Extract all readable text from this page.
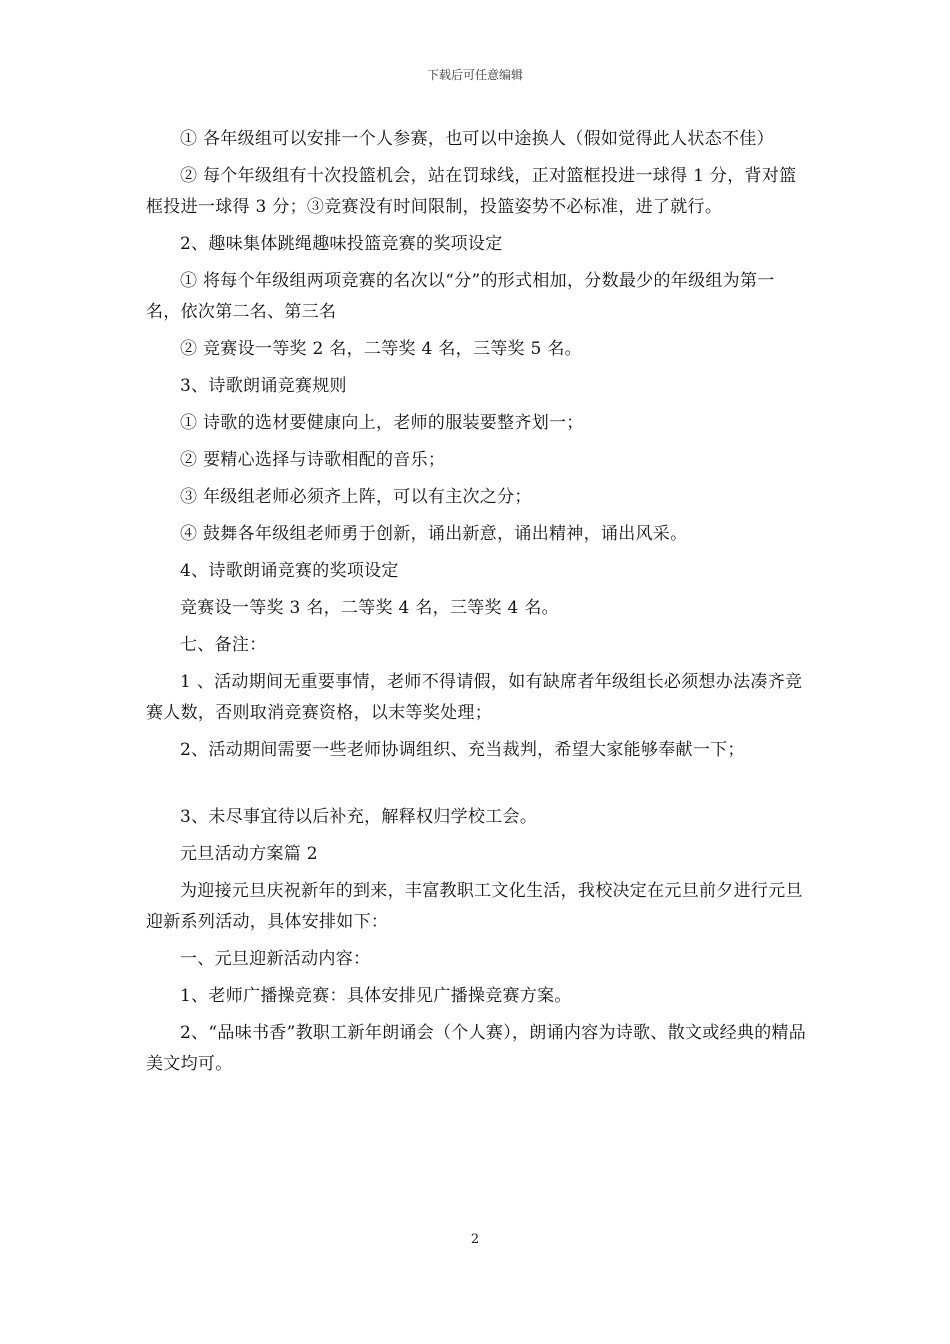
下载后可任意编辑

① 各年级组可以安排一个人参赛，也可以中途换人（假如觉得此人状态不佳）

② 每个年级组有十次投篮机会，站在罚球线，正对篮框投进一球得 1 分，背对篮框投进一球得 3 分；③竞赛没有时间限制，投篮姿势不必标准，进了就行。

2、趣味集体跳绳趣味投篮竞赛的奖项设定

① 将每个年级组两项竞赛的名次以“分”的形式相加，分数最少的年级组为第一名，依次第二名、第三名

② 竞赛设一等奖 2 名，二等奖 4 名，三等奖 5 名。

3、诗歌朗诵竞赛规则

① 诗歌的选材要健康向上，老师的服装要整齐划一；

② 要精心选择与诗歌相配的音乐；

③ 年级组老师必须齐上阵，可以有主次之分；

④ 鼓舞各年级组老师勇于创新，诵出新意，诵出精神，诵出风采。

4、诗歌朗诵竞赛的奖项设定

竞赛设一等奖 3 名，二等奖 4 名，三等奖 4 名。

七、备注：

1 、活动期间无重要事情，老师不得请假，如有缺席者年级组长必须想办法凑齐竞赛人数，否则取消竞赛资格，以末等奖处理；

2、活动期间需要一些老师协调组织、充当裁判，希望大家能够奉献一下；

3、未尽事宜待以后补充，解释权归学校工会。

元旦活动方案篇 2

为迎接元旦庆祝新年的到来，丰富教职工文化生活，我校决定在元旦前夕进行元旦迎新系列活动，具体安排如下：

一、元旦迎新活动内容：

1、老师广播操竞赛：具体安排见广播操竞赛方案。

2、“品味书香”教职工新年朗诵会（个人赛），朗诵内容为诗歌、散文或经典的精品美文均可。

2
